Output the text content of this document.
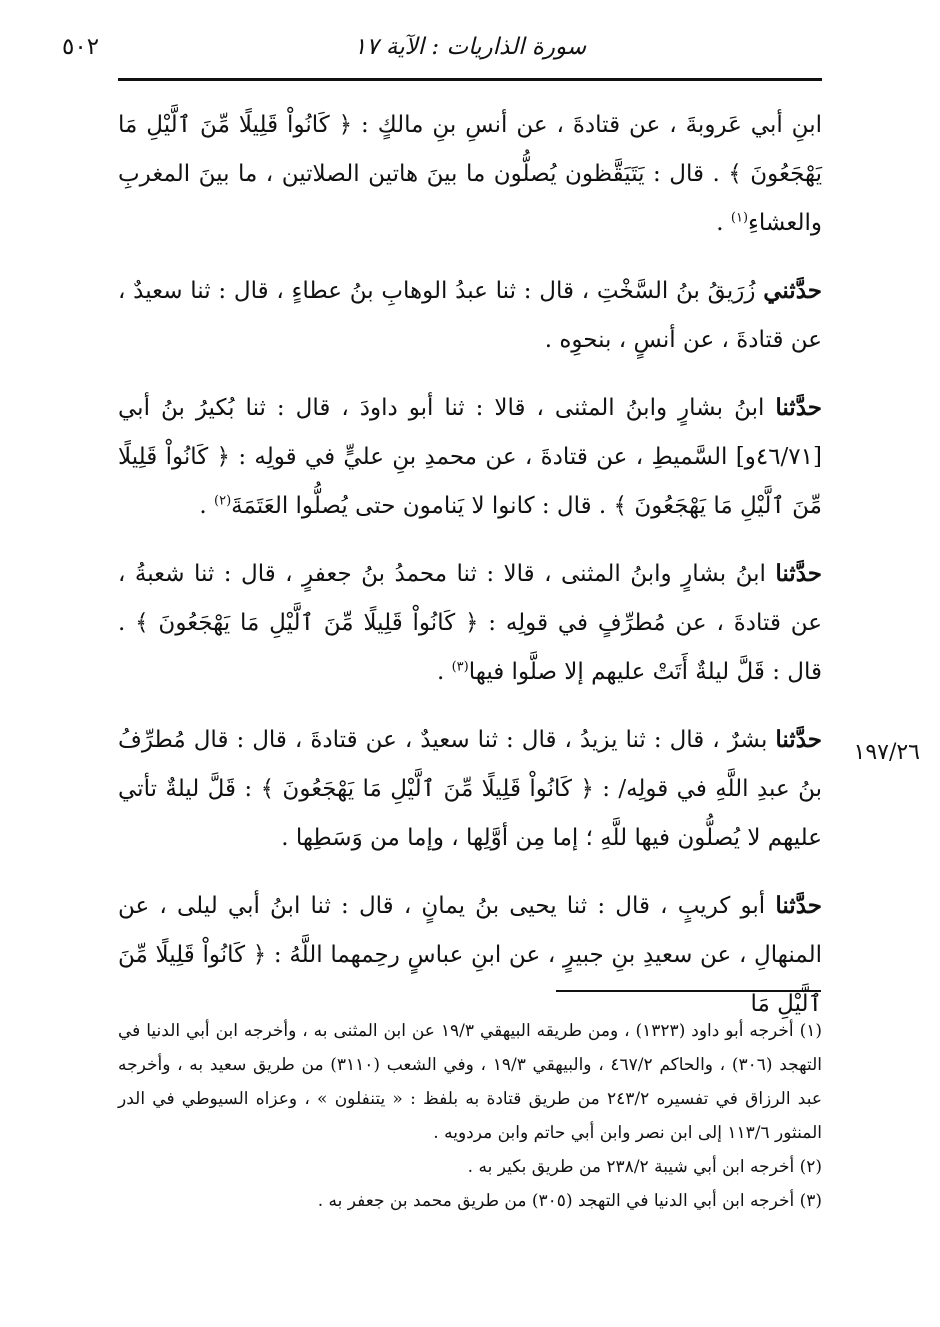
سورة الذاريات : الآية ١٧
٥٠٢
١٩٧/٢٦

ابنِ أبي عَروبةَ ، عن قتادةَ ، عن أنسِ بنِ مالكٍ : ﴿ كَانُواْ قَلِيلًا مِّنَ ٱلَّيْلِ مَا يَهْجَعُونَ ﴾ . قال : يَتَيَقَّظون يُصلُّون ما بينَ هاتين الصلاتين ، ما بينَ المغربِ والعشاءِ$^{(١)}$ .

حدَّثني زُرَيقُ بنُ السَّخْتِ ، قال : ثنا عبدُ الوهابِ بنُ عطاءٍ ، قال : ثنا سعيدٌ ، عن قتادةَ ، عن أنسٍ ، بنحوِه .

حدَّثنا ابنُ بشارٍ وابنُ المثنى ، قالا : ثنا أبو داودَ ، قال : ثنا بُكيرُ بنُ أبي [٤٦/٧١و] السَّميطِ ، عن قتادةَ ، عن محمدِ بنِ عليٍّ في قولِه : ﴿ كَانُواْ قَلِيلًا مِّنَ ٱلَّيْلِ مَا يَهْجَعُونَ ﴾ . قال : كانوا لا يَنامون حتى يُصلُّوا العَتَمَةَ$^{(٢)}$ .

حدَّثنا ابنُ بشارٍ وابنُ المثنى ، قالا : ثنا محمدُ بنُ جعفرٍ ، قال : ثنا شعبةُ ، عن قتادةَ ، عن مُطرِّفٍ في قولِه : ﴿ كَانُواْ قَلِيلًا مِّنَ ٱلَّيْلِ مَا يَهْجَعُونَ ﴾ . قال : قَلَّ ليلةٌ أَتَتْ عليهم إلا صلَّوا فيها$^{(٣)}$ .

حدَّثنا بشرٌ ، قال : ثنا يزيدُ ، قال : ثنا سعيدٌ ، عن قتادةَ ، قال : قال مُطرِّفُ بنُ عبدِ اللَّهِ في قولِه/ : ﴿ كَانُواْ قَلِيلًا مِّنَ ٱلَّيْلِ مَا يَهْجَعُونَ ﴾ : قَلَّ ليلةٌ تأتي عليهم لا يُصلُّون فيها للَّهِ ؛ إما مِن أوَّلِها ، وإما من وَسَطِها .

حدَّثنا أبو كريبٍ ، قال : ثنا يحيى بنُ يمانٍ ، قال : ثنا ابنُ أبي ليلى ، عن المنهالِ ، عن سعيدِ بنِ جبيرٍ ، عن ابنِ عباسٍ رحِمهما اللَّهُ : ﴿ كَانُواْ قَلِيلًا مِّنَ ٱلَّيْلِ مَا

(١) أخرجه أبو داود (١٣٢٣) ، ومن طريقه البيهقي ١٩/٣ عن ابن المثنى به ، وأخرجه ابن أبي الدنيا في التهجد (٣٠٦) ، والحاكم ٤٦٧/٢ ، والبيهقي ١٩/٣ ، وفي الشعب (٣١١٠) من طريق سعيد به ، وأخرجه عبد الرزاق في تفسيره ٢٤٣/٢ من طريق قتادة به بلفظ : « يتنفلون » ، وعزاه السيوطي في الدر المنثور ١١٣/٦ إلى ابن نصر وابن أبي حاتم وابن مردويه .

(٢) أخرجه ابن أبي شيبة ٢٣٨/٢ من طريق بكير به .

(٣) أخرجه ابن أبي الدنيا في التهجد (٣٠٥) من طريق محمد بن جعفر به .
